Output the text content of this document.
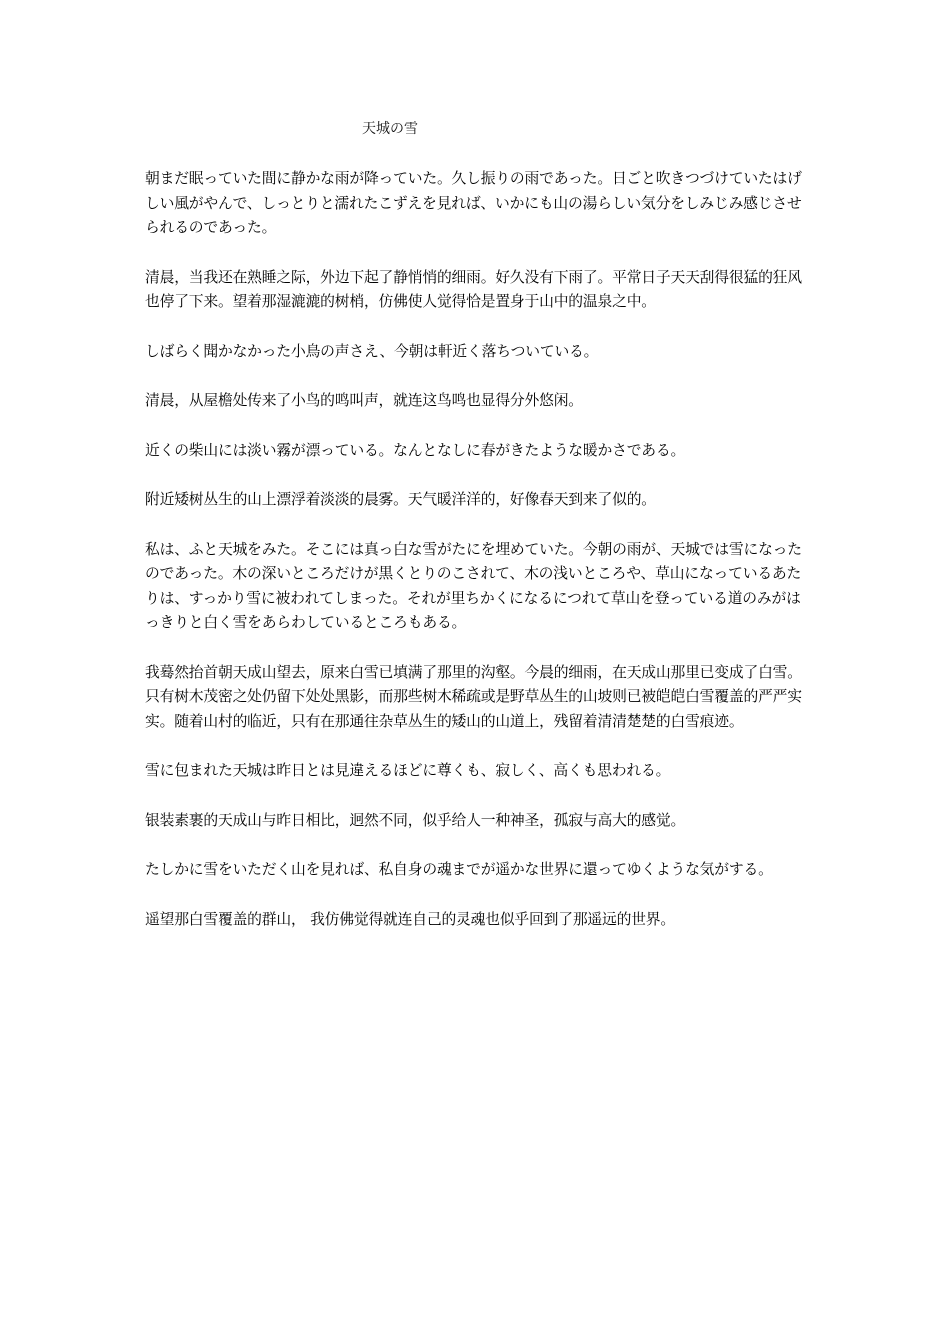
天城の雪

朝まだ眠っていた間に静かな雨が降っていた。久し振りの雨であった。日ごと吹きつづけていたはげしい風がやんで、しっとりと濡れたこずえを見れば、いかにも山の湯らしい気分をしみじみ感じさせられるのであった。

清晨，当我还在熟睡之际，外边下起了静悄悄的细雨。好久没有下雨了。平常日子天天刮得很猛的狂风也停了下来。望着那湿漉漉的树梢，仿佛使人觉得恰是置身于山中的温泉之中。

しばらく聞かなかった小鳥の声さえ、今朝は軒近く落ちついている。

清晨，从屋檐处传来了小鸟的鸣叫声，就连这鸟鸣也显得分外悠闲。

近くの柴山には淡い霧が漂っている。なんとなしに春がきたような暖かさである。

附近矮树丛生的山上漂浮着淡淡的晨雾。天气暖洋洋的，好像春天到来了似的。

私は、ふと天城をみた。そこには真っ白な雪がたにを埋めていた。今朝の雨が、天城では雪になったのであった。木の深いところだけが黒くとりのこされて、木の浅いところや、草山になっているあたりは、すっかり雪に被われてしまった。それが里ちかくになるにつれて草山を登っている道のみがはっきりと白く雪をあらわしているところもある。

我蓦然抬首朝天成山望去，原来白雪已填满了那里的沟壑。今晨的细雨，在天成山那里已变成了白雪。只有树木茂密之处仍留下处处黑影，而那些树木稀疏或是野草丛生的山坡则已被皑皑白雪覆盖的严严实实。随着山村的临近，只有在那通往杂草丛生的矮山的山道上，残留着清清楚楚的白雪痕迹。

雪に包まれた天城は昨日とは見違えるほどに尊くも、寂しく、高くも思われる。

银装素裹的天成山与昨日相比，迥然不同，似乎给人一种神圣，孤寂与高大的感觉。

たしかに雪をいただく山を見れば、私自身の魂までが遥かな世界に還ってゆくような気がする。

遥望那白雪覆盖的群山， 我仿佛觉得就连自己的灵魂也似乎回到了那遥远的世界。
